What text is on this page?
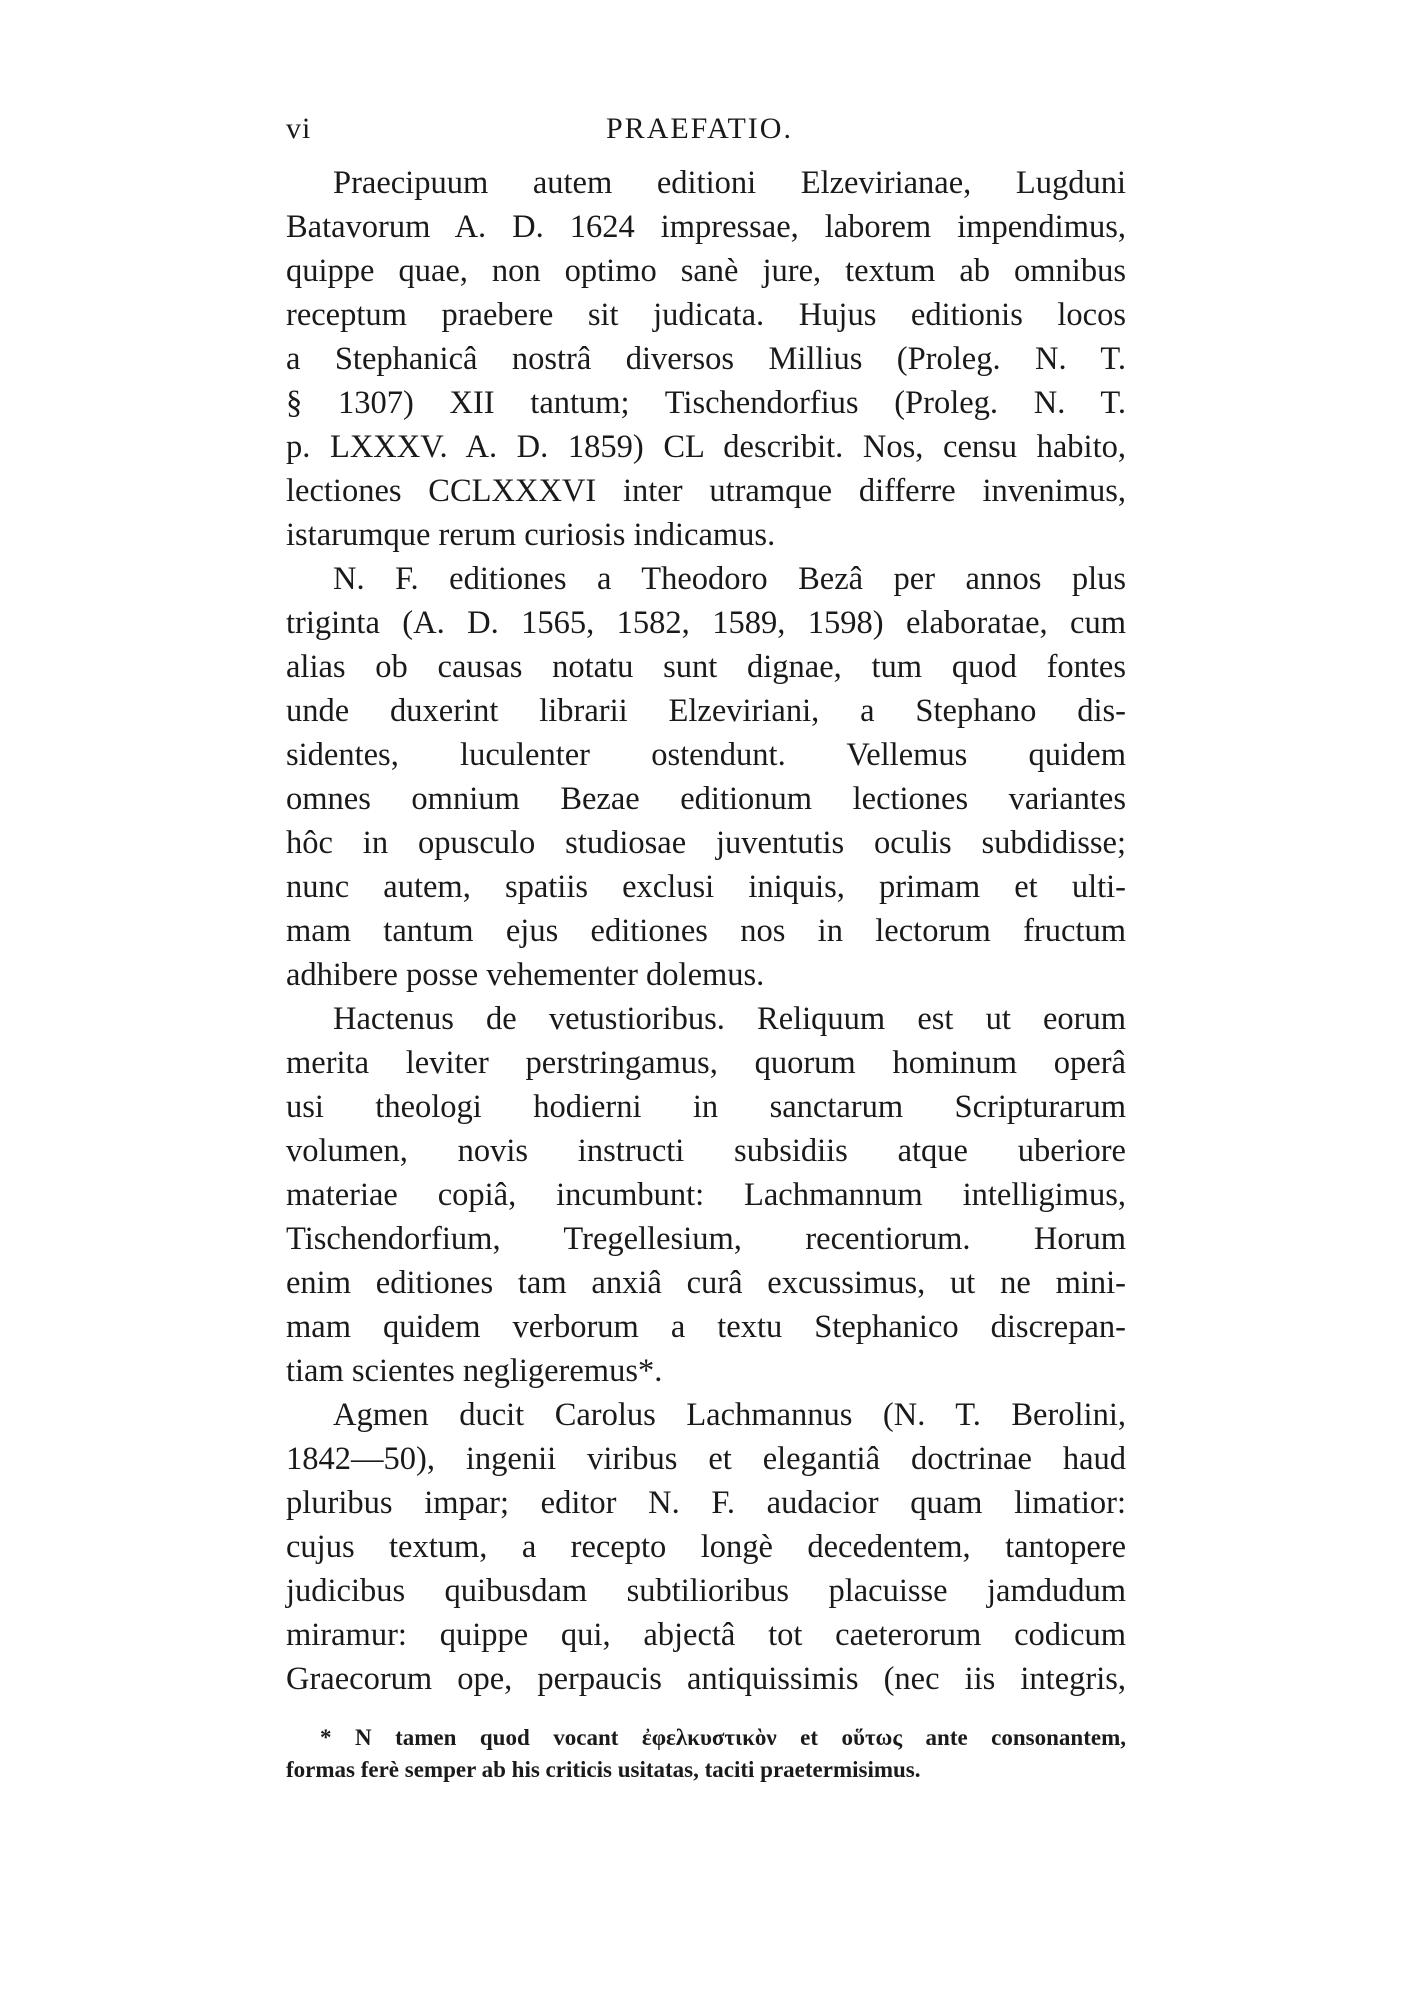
vi	PRAEFATIO.
Praecipuum autem editioni Elzevirianae, Lugduni
Batavorum A. D. 1624 impressae, laborem impendimus,
quippe quae, non optimo sanè jure, textum ab omnibus
receptum praebere sit judicata. Hujus editionis locos
a Stephanicâ nostrâ diversos Millius (Proleg. N. T.
§ 1307) XII tantum; Tischendorfius (Proleg. N. T.
p. LXXXV. A. D. 1859) CL describit. Nos, censu habito,
lectiones CCLXXXVI inter utramque differre invenimus,
istarumque rerum curiosis indicamus.
N. F. editiones a Theodoro Bezâ per annos plus
triginta (A. D. 1565, 1582, 1589, 1598) elaboratae, cum
alias ob causas notatu sunt dignae, tum quod fontes
unde duxerint librarii Elzeviriani, a Stephano dis-
sidentes, luculenter ostendunt. Vellemus quidem
omnes omnium Bezae editionum lectiones variantes
hôc in opusculo studiosae juventutis oculis subdidisse;
nunc autem, spatiis exclusi iniquis, primam et ulti-
mam tantum ejus editiones nos in lectorum fructum
adhibere posse vehementer dolemus.
Hactenus de vetustioribus. Reliquum est ut eorum
merita leviter perstringamus, quorum hominum operâ
usi theologi hodierni in sanctarum Scripturarum
volumen, novis instructi subsidiis atque uberiore
materiae copiâ, incumbunt: Lachmannum intelligimus,
Tischendorfium, Tregellesium, recentiorum. Horum
enim editiones tam anxiâ curâ excussimus, ut ne mini-
mam quidem verborum a textu Stephanico discrepan-
tiam scientes negligeremus*.
Agmen ducit Carolus Lachmannus (N. T. Berolini,
1842—50), ingenii viribus et elegantiâ doctrinae haud
pluribus impar; editor N. F. audacior quam limatior:
cujus textum, a recepto longè decedentem, tantopere
judicibus quibusdam subtilioribus placuisse jamdudum
miramur: quippe qui, abjectâ tot caeterorum codicum
Graecorum ope, perpaucis antiquissimis (nec iis integris,
* N tamen quod vocant ἐφελκυστικὸν et οὕτως ante consonantem,
formas ferè semper ab his criticis usitatas, taciti praetermisimus.
